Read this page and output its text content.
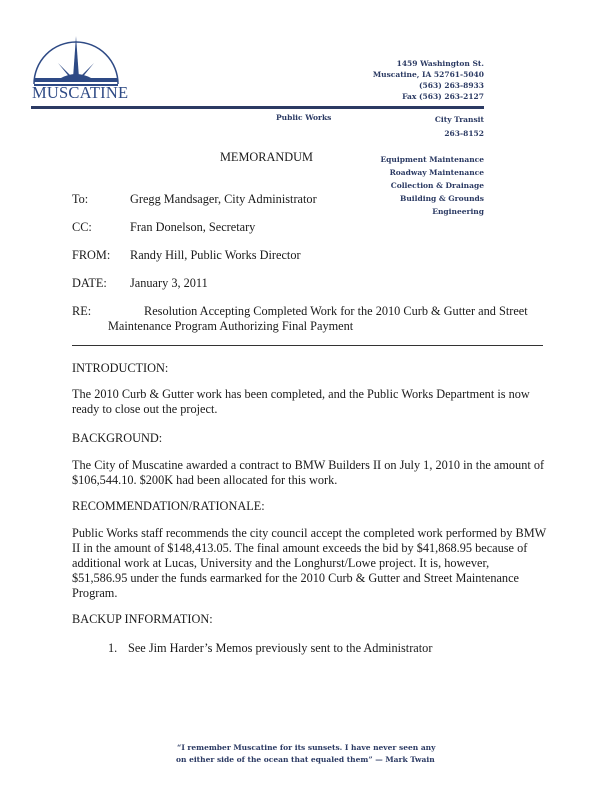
MUSCATINE
1459 Washington St.
Muscatine, IA 52761-5040
(563) 263-8933
Fax (563) 263-2127
Public Works	City Transit
263-8152
Equipment Maintenance
Roadway Maintenance
Collection & Drainage
Building & Grounds
Engineering
MEMORANDUM
To:	Gregg Mandsager, City Administrator
CC:	Fran Donelson, Secretary
FROM: Randy Hill, Public Works Director
DATE: January 3, 2011
RE:	Resolution Accepting Completed Work for the 2010 Curb & Gutter and Street
Maintenance Program Authorizing Final Payment
INTRODUCTION:
The 2010 Curb & Gutter work has been completed, and the Public Works Department is now ready to close out the project.
BACKGROUND:
The City of Muscatine awarded a contract to BMW Builders II on July 1, 2010 in the amount of $106,544.10. $200K had been allocated for this work.
RECOMMENDATION/RATIONALE:
Public Works staff recommends the city council accept the completed work performed by BMW II in the amount of $148,413.05. The final amount exceeds the bid by $41,868.95 because of additional work at Lucas, University and the Longhurst/Lowe project. It is, however, $51,586.95 under the funds earmarked for the 2010 Curb & Gutter and Street Maintenance Program.
BACKUP INFORMATION:
1. See Jim Harder’s Memos previously sent to the Administrator
“I remember Muscatine for its sunsets. I have never seen any
on either side of the ocean that equaled them” — Mark Twain
